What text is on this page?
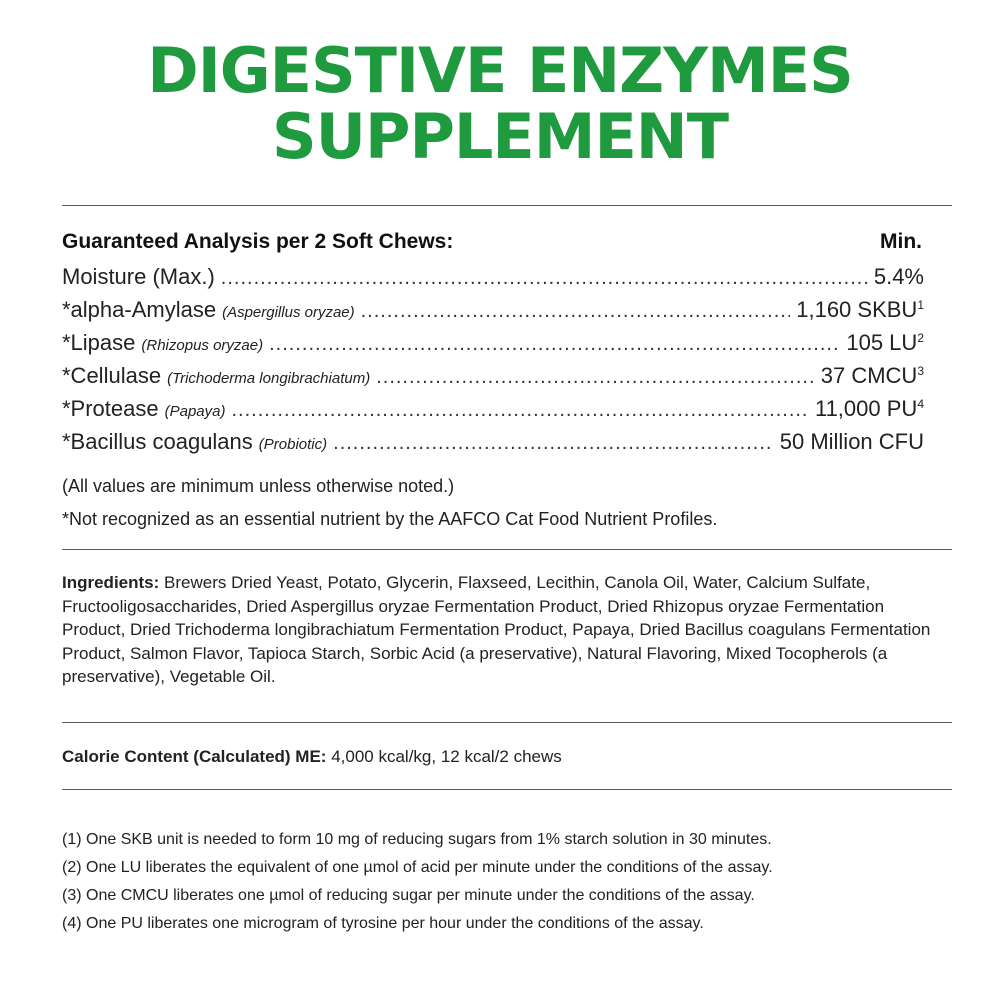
DIGESTIVE ENZYMES
SUPPLEMENT
Guaranteed Analysis per 2 Soft Chews:	Min.
Moisture (Max.) .....	5.4%
*alpha-Amylase (Aspergillus oryzae) .....	1,160 SKBU$^1$
*Lipase (Rhizopus oryzae) .....	105 $LU^2$
*Cellulase (Trichoderma longibrachiatum) .....	37 CMCU$^3$
*Protease (Papaya) .....	11,000 $PU^4$
*Bacillus coagulans (Probiotic) .....	50 Million CFU
(All values are minimum unless otherwise noted.)
*Not recognized as an essential nutrient by the AAFCO Cat Food Nutrient Profiles.
Ingredients: Brewers Dried Yeast, Potato, Glycerin, Flaxseed, Lecithin, Canola Oil, Water, Calcium Sulfate, Fructooligosaccharides, Dried Aspergillus oryzae Fermentation Product, Dried Rhizopus oryzae Fermentation Product, Dried Trichoderma longibrachiatum Fermentation Product, Papaya, Dried Bacillus coagulans Fermentation Product, Salmon Flavor, Tapioca Starch, Sorbic Acid (a preservative), Natural Flavoring, Mixed Tocopherols (a preservative), Vegetable Oil.
Calorie Content (Calculated) ME: 4,000 kcal/kg, 12 kcal/2 chews
(1) One SKB unit is needed to form 10 mg of reducing sugars from 1% starch solution in 30 minutes.
(2) One LU liberates the equivalent of one µmol of acid per minute under the conditions of the assay.
(3) One CMCU liberates one µmol of reducing sugar per minute under the conditions of the assay.
(4) One PU liberates one microgram of tyrosine per hour under the conditions of the assay.
